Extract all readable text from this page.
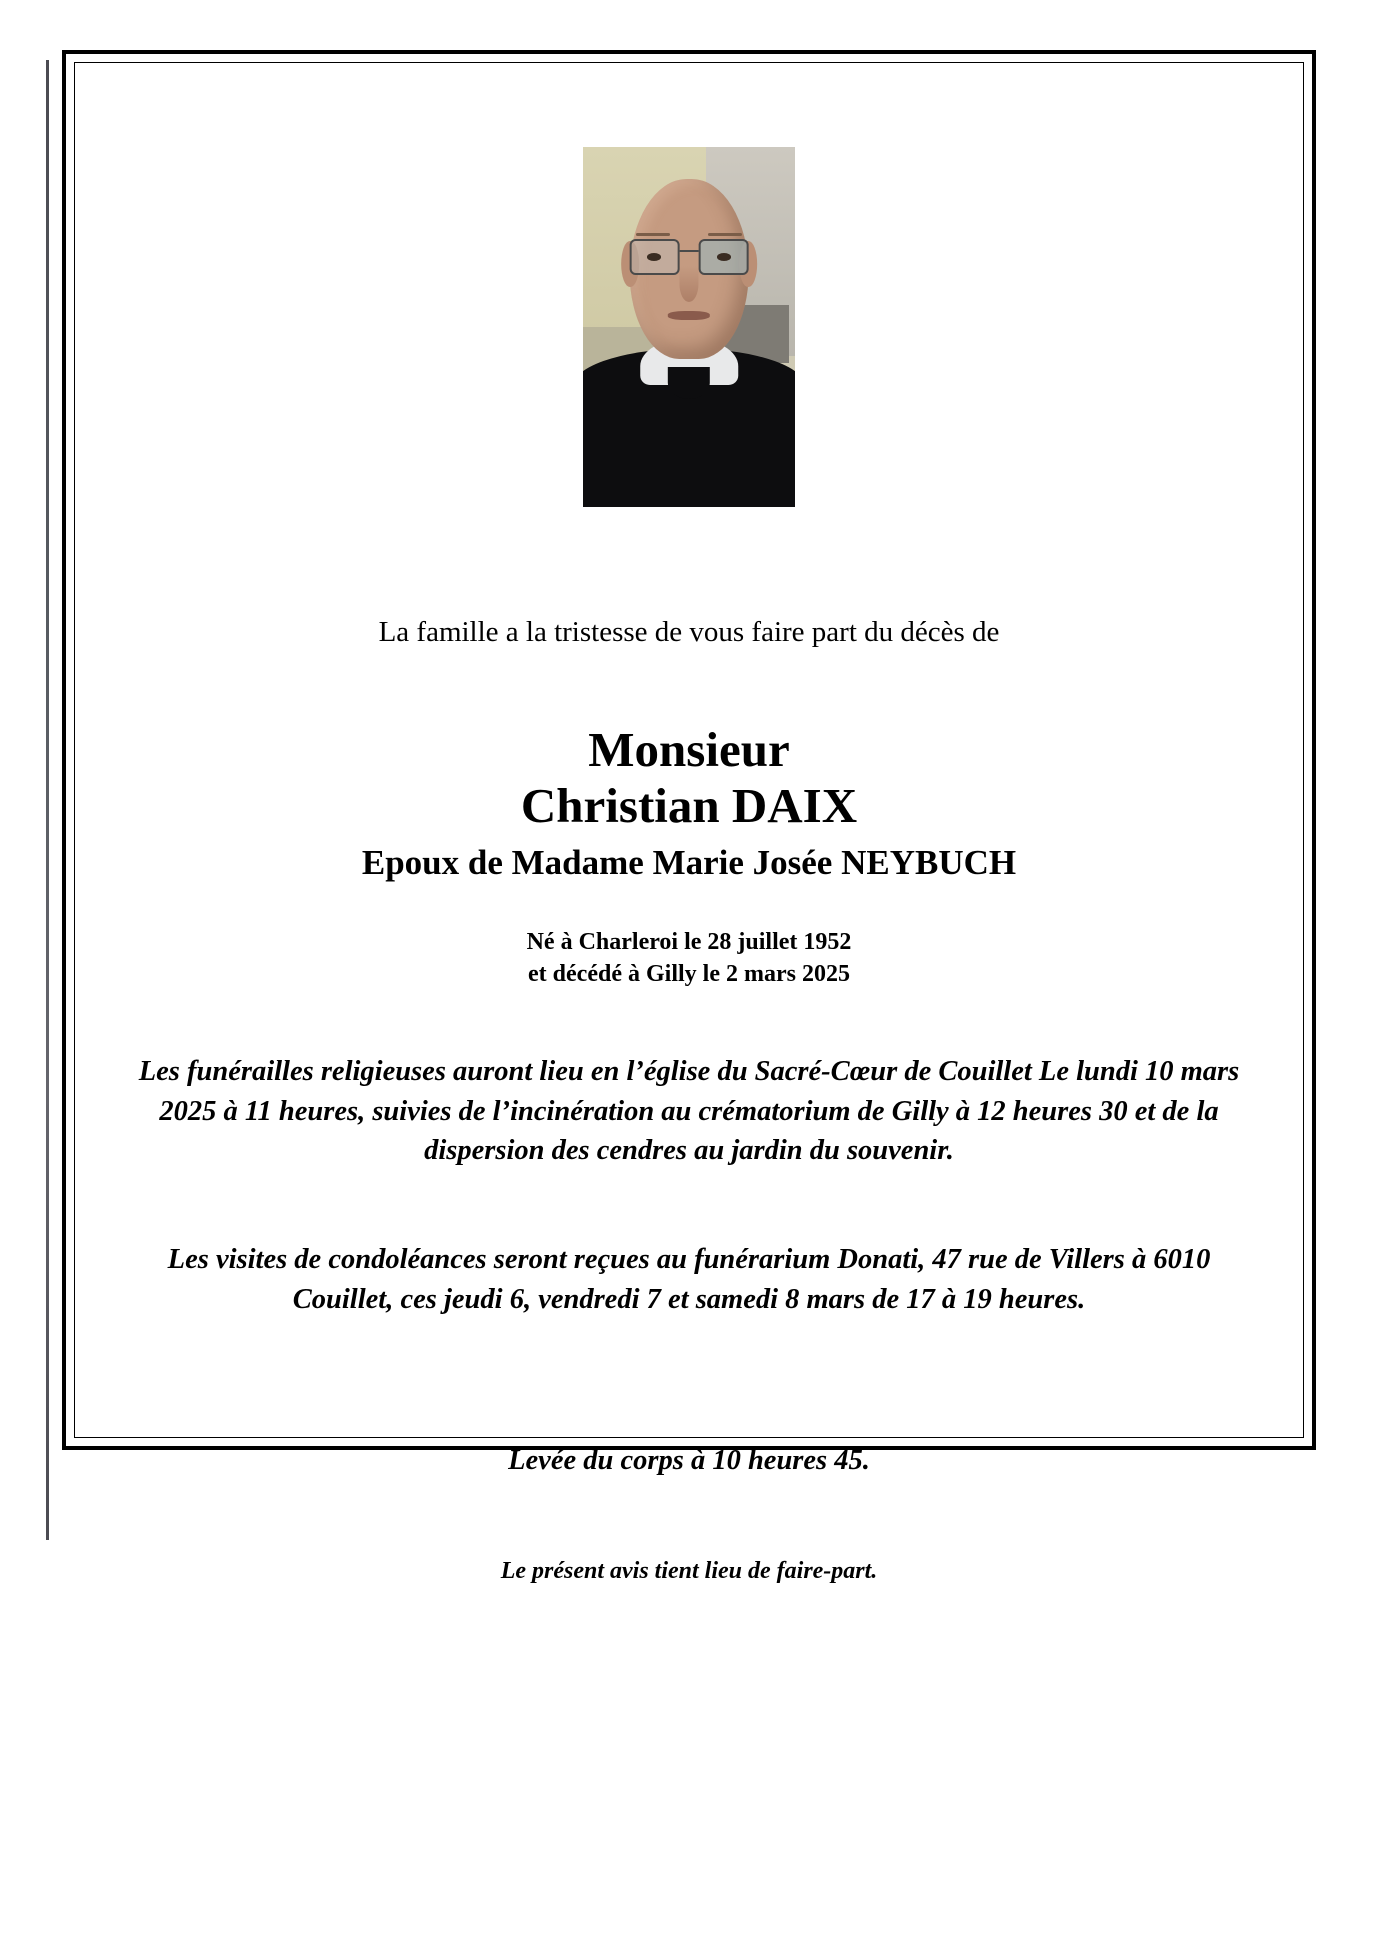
La famille a la tristesse de vous faire part du décès de
Monsieur
Christian DAIX
Epoux de Madame Marie Josée NEYBUCH
Né à Charleroi le 28 juillet 1952
et décédé à Gilly le 2 mars 2025
Les funérailles religieuses auront lieu en l’église du Sacré-Cœur de Couillet Le lundi 10 mars 2025 à 11 heures, suivies de l’incinération au crématorium de Gilly à 12 heures 30 et de la dispersion des cendres au jardin du souvenir.
Les visites de condoléances seront reçues au funérarium Donati, 47 rue de Villers à 6010 Couillet, ces jeudi 6, vendredi 7 et samedi 8 mars de 17 à 19 heures.
Levée du corps à 10 heures 45.
Le présent avis tient lieu de faire-part.
